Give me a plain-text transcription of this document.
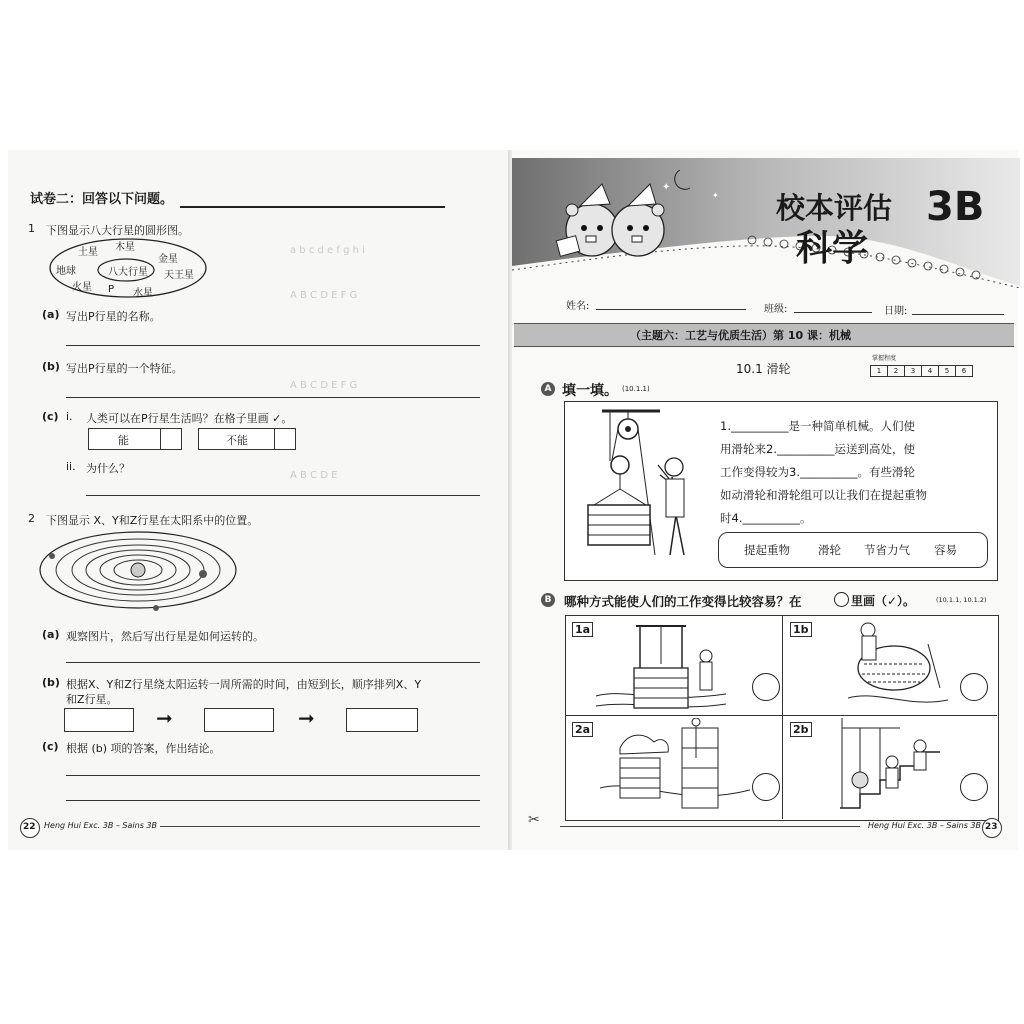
a b c d e f g h i
A B C D E F G
A B C D E F G
A B C D E
试卷二：回答以下问题。
1 下图显示八大行星的圆形图。
八大行星
土星 木星
金星
地球	天王星
火星 P 水星
(a) 写出P行星的名称。
(b) 写出P行星的一个特征。
(c) i. 人类可以在P行星生活吗？在格子里画 ✓。
能	不能
ii. 为什么？
2 下图显示 X、Y和Z行星在太阳系中的位置。
(a) 观察图片，然后写出行星是如何运转的。
(b) 根据X、Y和Z行星绕太阳运转一周所需的时间，由短到长，顺序排列X、Y
和Z行星。
➞	➞
(c) 根据 (b) 项的答案，作出结论。
22 Heng Hui Exc. 3B – Sains 3B
✦
✦ 校本评估 3B
科学
姓名:	班级:	日期:
（主题六：工艺与优质生活）第 10 课：机械
10.1 滑轮
掌握程度
1	2	3	4	5	6
A 填一填。 (10.1.1)
1.__________是一种简单机械。人们使
用滑轮来2.__________运送到高处，使
工作变得较为3.__________。有些滑轮
如动滑轮和滑轮组可以让我们在提起重物
时4.__________。
提起重物 滑轮 节省力气 容易
B 哪种方式能使人们的工作变得比较容易？在	里画（✓）。	(10.1.1, 10.1.2)
1a	1b
2a	2b
✂	Heng Hui Exc. 3B – Sains 3B 23
